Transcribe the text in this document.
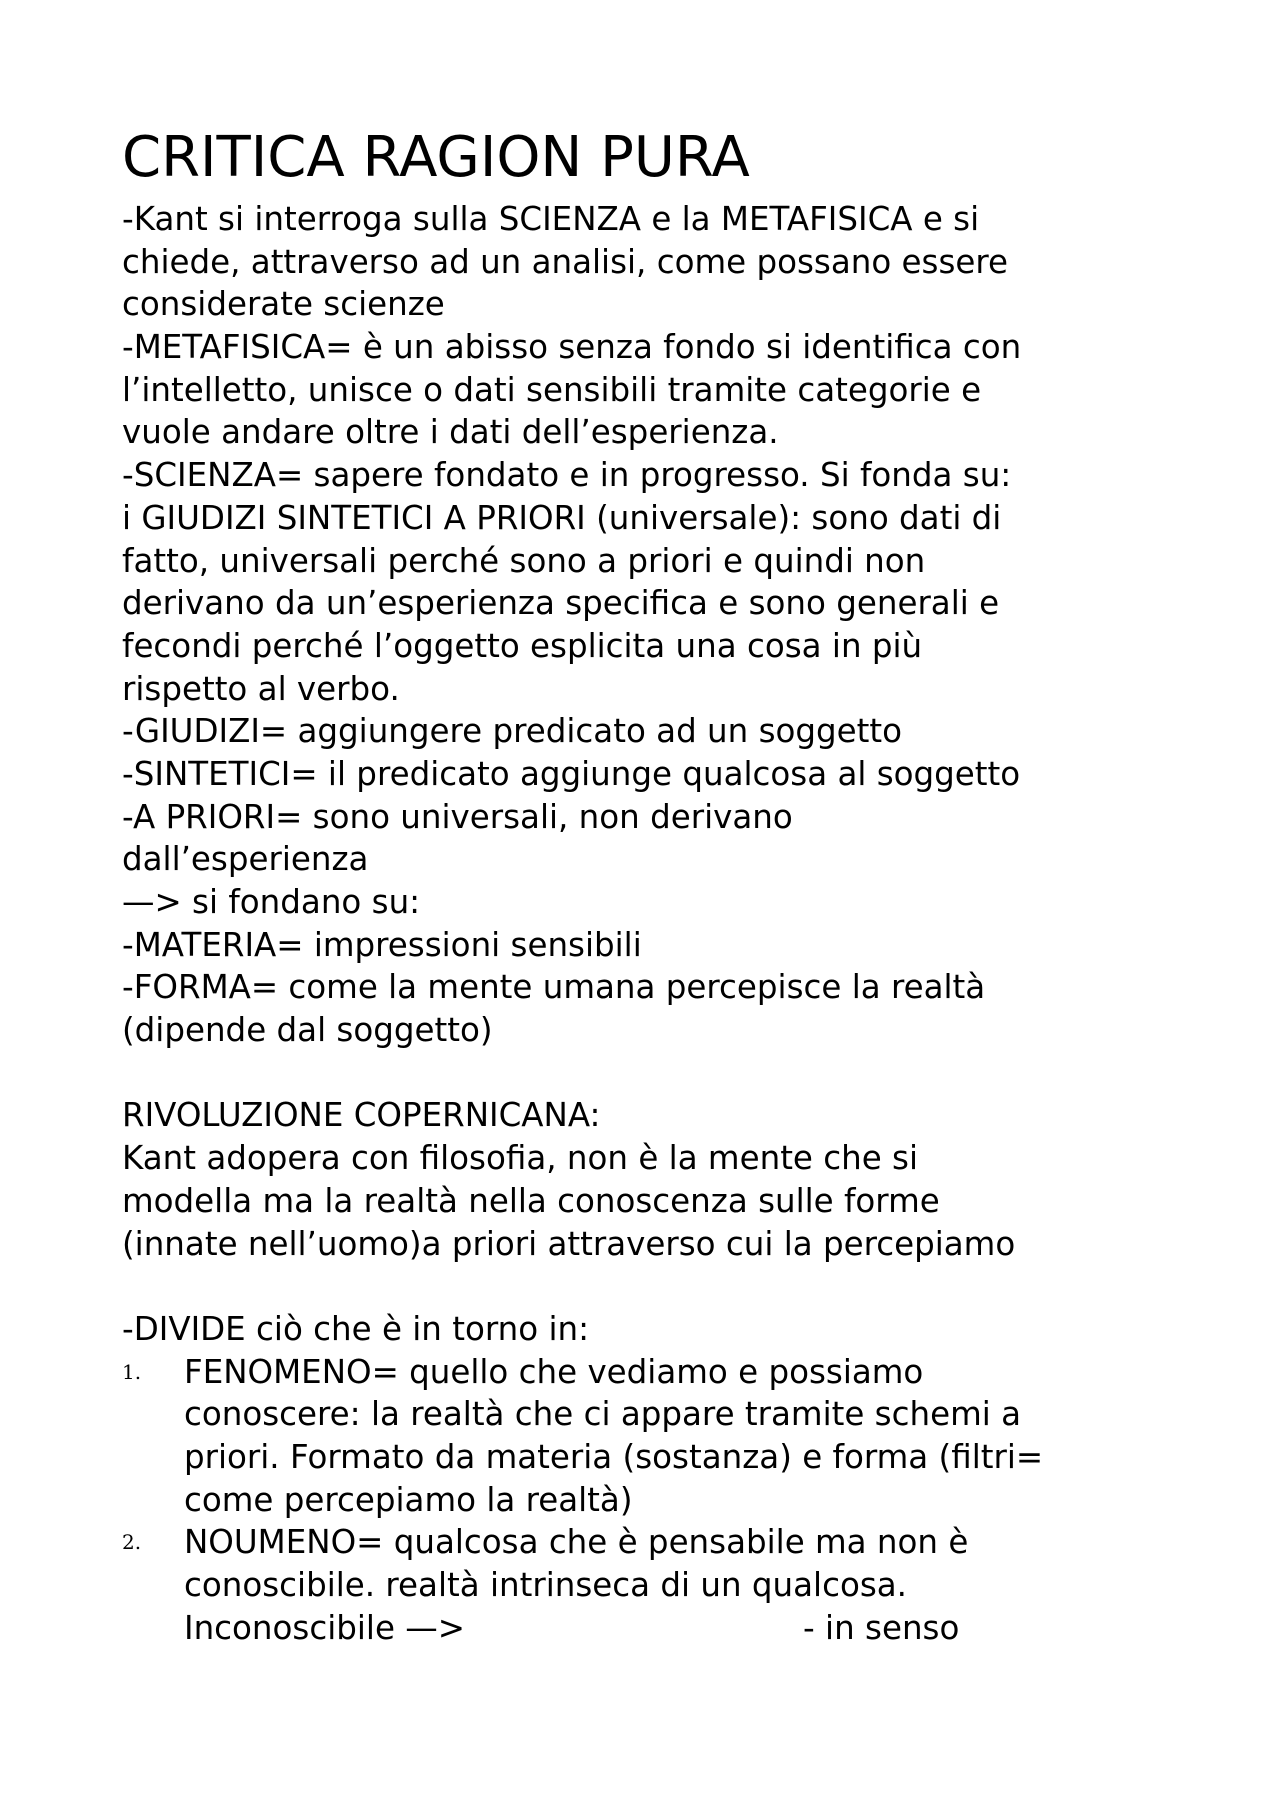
CRITICA RAGION PURA
-Kant si interroga sulla SCIENZA e la METAFISICA e si
chiede, attraverso ad un analisi, come possano essere
considerate scienze
-METAFISICA= è un abisso senza fondo si identifica con
l’intelletto, unisce o dati sensibili tramite categorie e
vuole andare oltre i dati dell’esperienza.
-SCIENZA= sapere fondato e in progresso. Si fonda su:
i GIUDIZI SINTETICI A PRIORI (universale): sono dati di
fatto, universali perché sono a priori e quindi non
derivano da un’esperienza specifica e sono generali e
fecondi perché l’oggetto esplicita una cosa in più
rispetto al verbo.
-GIUDIZI= aggiungere predicato ad un soggetto
-SINTETICI= il predicato aggiunge qualcosa al soggetto
-A PRIORI= sono universali, non derivano
dall’esperienza
—> si fondano su:
-MATERIA= impressioni sensibili
-FORMA= come la mente umana percepisce la realtà
(dipende dal soggetto)
RIVOLUZIONE COPERNICANA:
Kant adopera con filosofia, non è la mente che si
modella ma la realtà nella conoscenza sulle forme
(innate nell’uomo)a priori attraverso cui la percepiamo
-DIVIDE ciò che è in torno in:
1. FENOMENO= quello che vediamo e possiamo
conoscere: la realtà che ci appare tramite schemi a
priori. Formato da materia (sostanza) e forma (filtri=
come percepiamo la realtà)
2. NOUMENO= qualcosa che è pensabile ma non è
conoscibile. realtà intrinseca di un qualcosa.
Inconoscibile —>	- in senso
